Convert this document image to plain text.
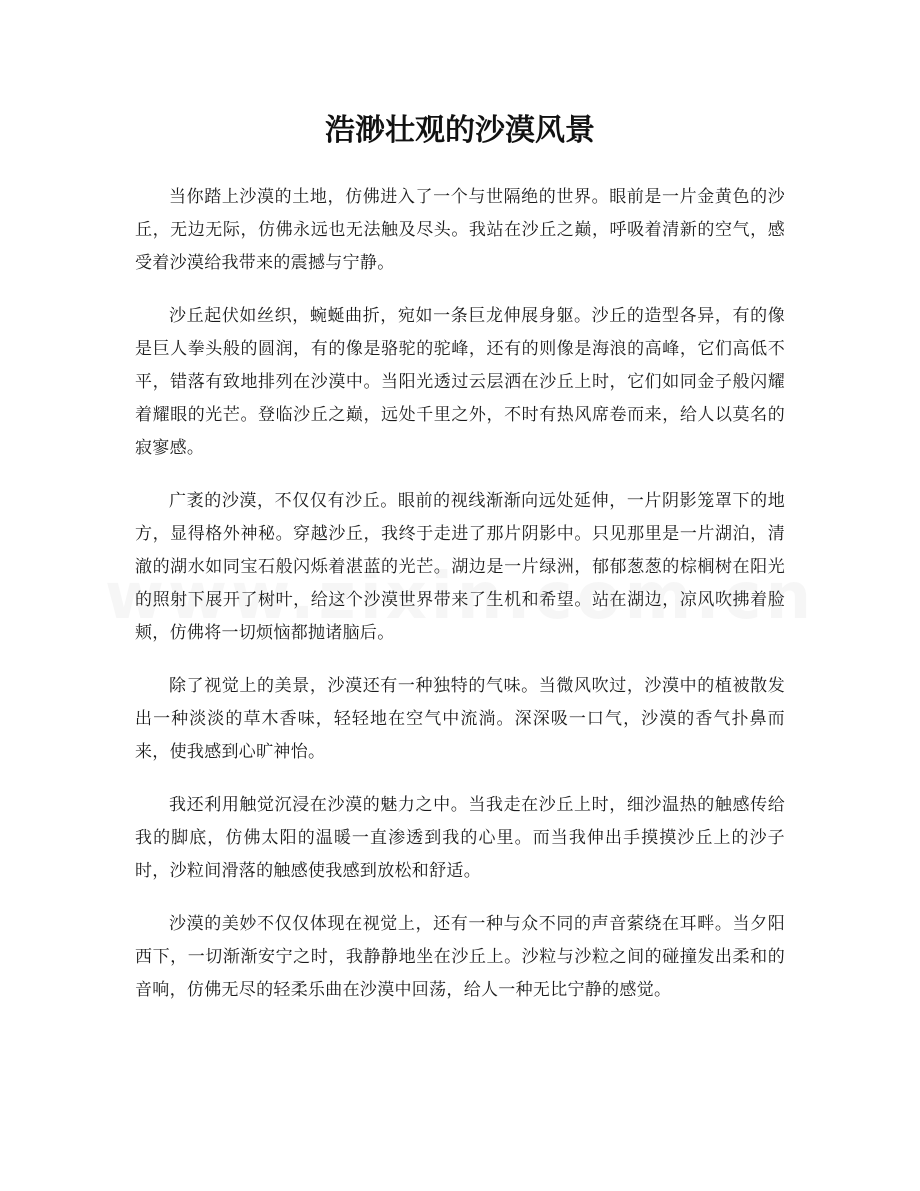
浩渺壮观的沙漠风景

当你踏上沙漠的土地，仿佛进入了一个与世隔绝的世界。眼前是一片金黄色的沙丘，无边无际，仿佛永远也无法触及尽头。我站在沙丘之巅，呼吸着清新的空气，感受着沙漠给我带来的震撼与宁静。

沙丘起伏如丝织，蜿蜒曲折，宛如一条巨龙伸展身躯。沙丘的造型各异，有的像是巨人拳头般的圆润，有的像是骆驼的驼峰，还有的则像是海浪的高峰，它们高低不平，错落有致地排列在沙漠中。当阳光透过云层洒在沙丘上时，它们如同金子般闪耀着耀眼的光芒。登临沙丘之巅，远处千里之外，不时有热风席卷而来，给人以莫名的寂寥感。

广袤的沙漠，不仅仅有沙丘。眼前的视线渐渐向远处延伸，一片阴影笼罩下的地方，显得格外神秘。穿越沙丘，我终于走进了那片阴影中。只见那里是一片湖泊，清澈的湖水如同宝石般闪烁着湛蓝的光芒。湖边是一片绿洲，郁郁葱葱的棕榈树在阳光的照射下展开了树叶，给这个沙漠世界带来了生机和希望。站在湖边，凉风吹拂着脸颊，仿佛将一切烦恼都抛诸脑后。

除了视觉上的美景，沙漠还有一种独特的气味。当微风吹过，沙漠中的植被散发出一种淡淡的草木香味，轻轻地在空气中流淌。深深吸一口气，沙漠的香气扑鼻而来，使我感到心旷神怡。

我还利用触觉沉浸在沙漠的魅力之中。当我走在沙丘上时，细沙温热的触感传给我的脚底，仿佛太阳的温暖一直渗透到我的心里。而当我伸出手摸摸沙丘上的沙子时，沙粒间滑落的触感使我感到放松和舒适。

沙漠的美妙不仅仅体现在视觉上，还有一种与众不同的声音萦绕在耳畔。当夕阳西下，一切渐渐安宁之时，我静静地坐在沙丘上。沙粒与沙粒之间的碰撞发出柔和的音响，仿佛无尽的轻柔乐曲在沙漠中回荡，给人一种无比宁静的感觉。
